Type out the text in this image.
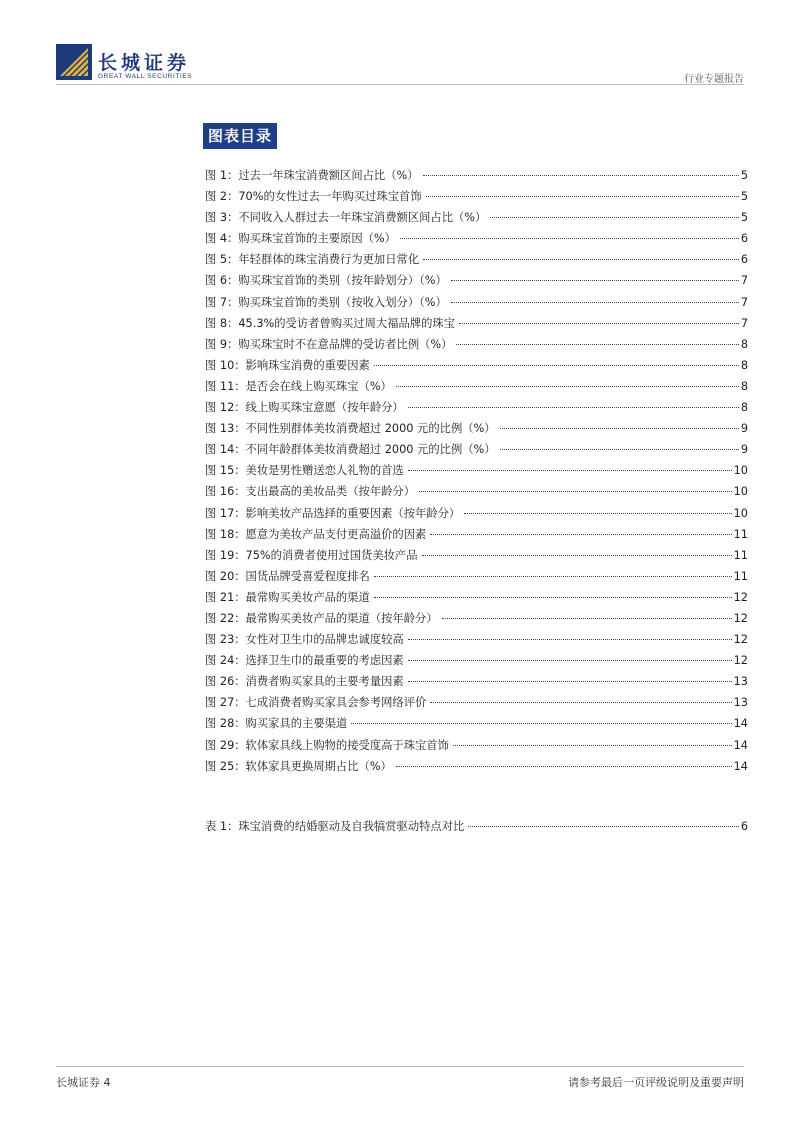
长城证券
GREAT WALL SECURITIES	行业专题报告
图表目录
图 1：过去一年珠宝消费额区间占比（%）	5
图 2：70%的女性过去一年购买过珠宝首饰	5
图 3：不同收入人群过去一年珠宝消费额区间占比（%）	5
图 4：购买珠宝首饰的主要原因（%）	6
图 5：年轻群体的珠宝消费行为更加日常化	6
图 6：购买珠宝首饰的类别（按年龄划分）（%）	7
图 7：购买珠宝首饰的类别（按收入划分）（%）	7
图 8：45.3%的受访者曾购买过周大福品牌的珠宝	7
图 9：购买珠宝时不在意品牌的受访者比例（%）	8
图 10：影响珠宝消费的重要因素	8
图 11：是否会在线上购买珠宝（%）	8
图 12：线上购买珠宝意愿（按年龄分）	8
图 13：不同性别群体美妆消费超过 2000 元的比例（%）	9
图 14：不同年龄群体美妆消费超过 2000 元的比例（%）	9
图 15：美妆是男性赠送恋人礼物的首选	10
图 16：支出最高的美妆品类（按年龄分）	10
图 17：影响美妆产品选择的重要因素（按年龄分）	10
图 18：愿意为美妆产品支付更高溢价的因素	11
图 19：75%的消费者使用过国货美妆产品	11
图 20：国货品牌受喜爱程度排名	11
图 21：最常购买美妆产品的渠道	12
图 22：最常购买美妆产品的渠道（按年龄分）	12
图 23：女性对卫生巾的品牌忠诚度较高	12
图 24：选择卫生巾的最重要的考虑因素	12
图 26：消费者购买家具的主要考量因素	13
图 27：七成消费者购买家具会参考网络评价	13
图 28：购买家具的主要渠道	14
图 29：软体家具线上购物的接受度高于珠宝首饰	14
图 25：软体家具更换周期占比（%）	14
表 1：珠宝消费的结婚驱动及自我犒赏驱动特点对比	6
长城证券 4	请参考最后一页评级说明及重要声明
